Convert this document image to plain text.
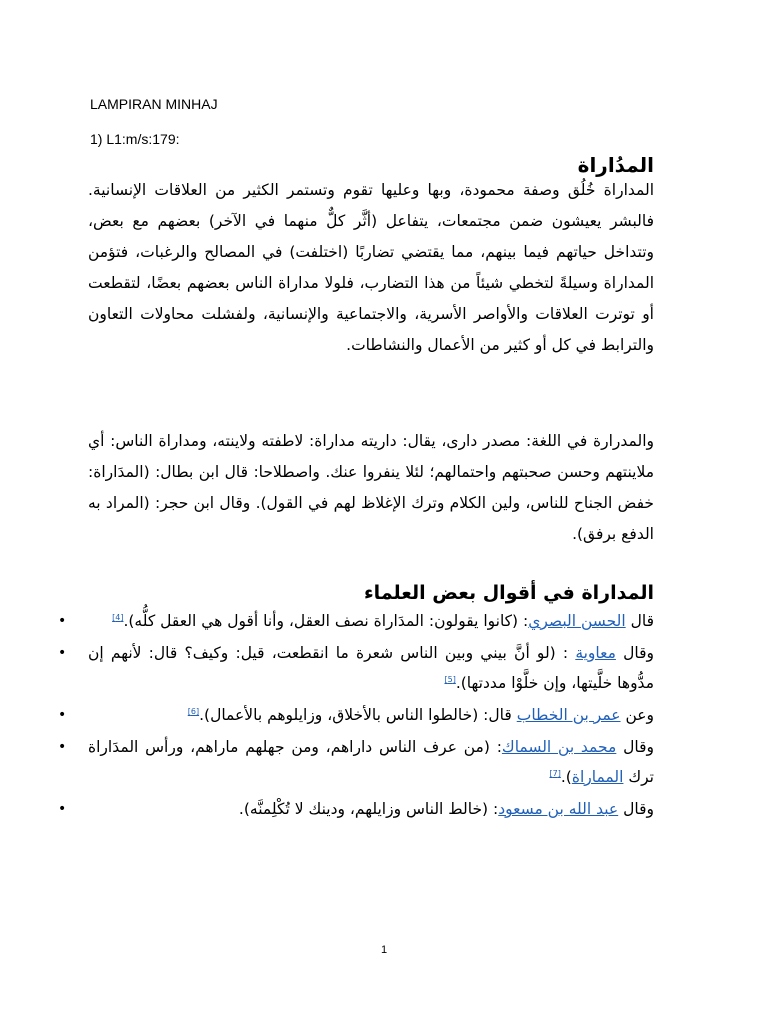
LAMPIRAN MINHAJ

1) L1:m/s:179:

المدُاراة

المداراة خُلُق وصفة محمودة، وبها وعليها تقوم وتستمر الكثير من العلاقات الإنسانية. فالبشر يعيشون ضمن مجتمعات، يتفاعل (أثَّر كلٌّ منهما في الآخر) بعضهم مع بعض، وتتداخل حياتهم فيما بينهم، مما يقتضي تضاربًا (اختلفت) في المصالح والرغبات، فتؤمن المداراة وسيلةً لتخطي شيئاً من هذا التضارب، فلولا مداراة الناس بعضهم بعضًا، لتقطعت أو توترت العلاقات والأواصر الأسرية، والاجتماعية والإنسانية، ولفشلت محاولات التعاون والترابط في كل أو كثير من الأعمال والنشاطات.

والمدرارة في اللغة: مصدر دارى، يقال: داريته مداراة: لاطفته ولاينته، ومداراة الناس: أي ملاينتهم وحسن صحبتهم واحتمالهم؛ لئلا ينفروا عنك. واصطلاحا: قال ابن بطال: (المدَاراة: خفض الجناح للناس، ولين الكلام وترك الإغلاظ لهم في القول). وقال ابن حجر: (المراد به الدفع برفق).

المداراة في أقوال بعض العلماء
•	قال الحسن البصري: (كانوا يقولون: المدَاراة نصف العقل، وأنا أقول هي العقل كلُّه).[4]
•	وقال معاوية : (لو أنَّ بيني وبين الناس شعرة ما انقطعت، قيل: وكيف؟ قال: لأنهم إن مدُّوها خلَّيتها، وإن خلَّوْا مددتها).[5]
•	وعن عمر بن الخطاب قال: (خالطوا الناس بالأخلاق، وزايلوهم بالأعمال).[6]
•	وقال محمد بن السماك: (من عرف الناس داراهم، ومن جهلهم ماراهم، ورأس المدَاراة ترك المماراة).[7]
•	وقال عبد الله بن مسعود: (خالط الناس وزايلهم، ودينك لا تُكْلِمنَّه).
1
